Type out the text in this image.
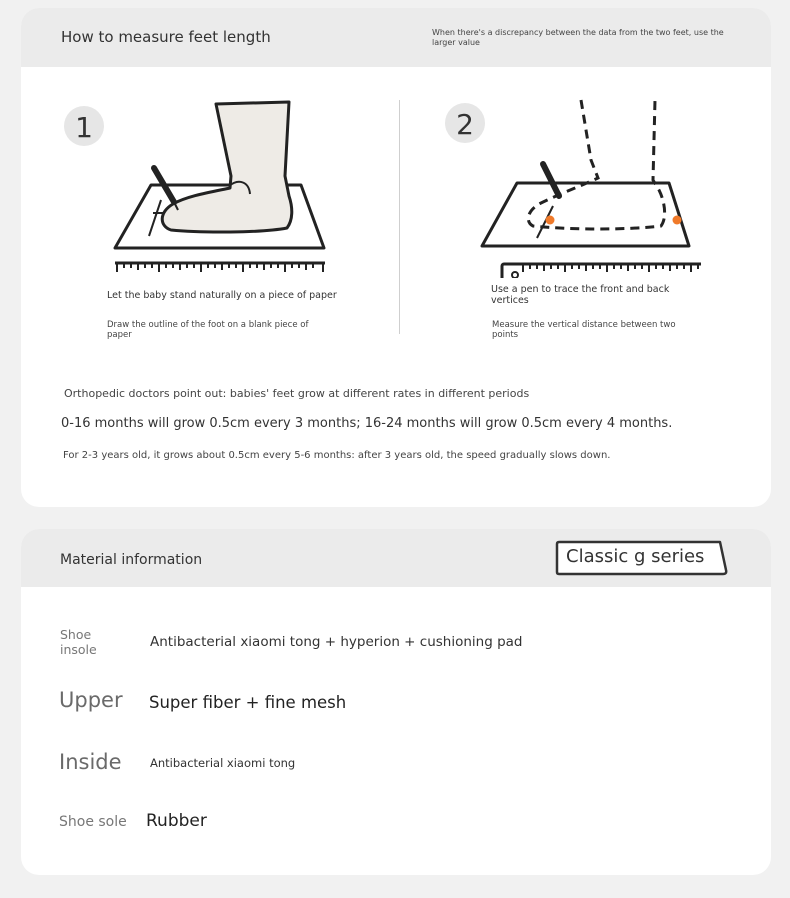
How to measure feet length	When there's a discrepancy between the data from the two feet, use the larger value
1
Let the baby stand naturally on a piece of paper
Draw the outline of the foot on a blank piece of paper
2
Use a pen to trace the front and back vertices
Measure the vertical distance between two points
Orthopedic doctors point out: babies' feet grow at different rates in different periods
0-16 months will grow 0.5cm every 3 months; 16-24 months will grow 0.5cm every 4 months.
For 2-3 years old, it grows about 0.5cm every 5-6 months: after 3 years old, the speed gradually slows down.
Material information	Classic g series
Shoe insole	Antibacterial xiaomi tong + hyperion + cushioning pad
Upper Super fiber + fine mesh
Inside Antibacterial xiaomi tong
Shoe sole Rubber
